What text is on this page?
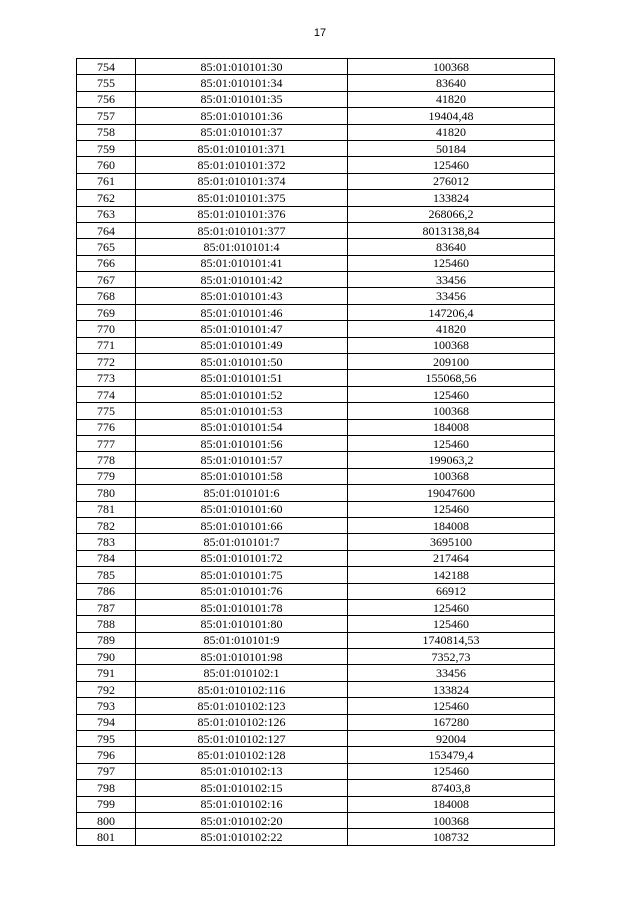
17
754	85:01:010101:30	100368
755	85:01:010101:34	83640
756	85:01:010101:35	41820
757	85:01:010101:36	19404,48
758	85:01:010101:37	41820
759	85:01:010101:371	50184
760	85:01:010101:372	125460
761	85:01:010101:374	276012
762	85:01:010101:375	133824
763	85:01:010101:376	268066,2
764	85:01:010101:377	8013138,84
765	85:01:010101:4	83640
766	85:01:010101:41	125460
767	85:01:010101:42	33456
768	85:01:010101:43	33456
769	85:01:010101:46	147206,4
770	85:01:010101:47	41820
771	85:01:010101:49	100368
772	85:01:010101:50	209100
773	85:01:010101:51	155068,56
774	85:01:010101:52	125460
775	85:01:010101:53	100368
776	85:01:010101:54	184008
777	85:01:010101:56	125460
778	85:01:010101:57	199063,2
779	85:01:010101:58	100368
780	85:01:010101:6	19047600
781	85:01:010101:60	125460
782	85:01:010101:66	184008
783	85:01:010101:7	3695100
784	85:01:010101:72	217464
785	85:01:010101:75	142188
786	85:01:010101:76	66912
787	85:01:010101:78	125460
788	85:01:010101:80	125460
789	85:01:010101:9	1740814,53
790	85:01:010101:98	7352,73
791	85:01:010102:1	33456
792	85:01:010102:116	133824
793	85:01:010102:123	125460
794	85:01:010102:126	167280
795	85:01:010102:127	92004
796	85:01:010102:128	153479,4
797	85:01:010102:13	125460
798	85:01:010102:15	87403,8
799	85:01:010102:16	184008
800	85:01:010102:20	100368
801	85:01:010102:22	108732
